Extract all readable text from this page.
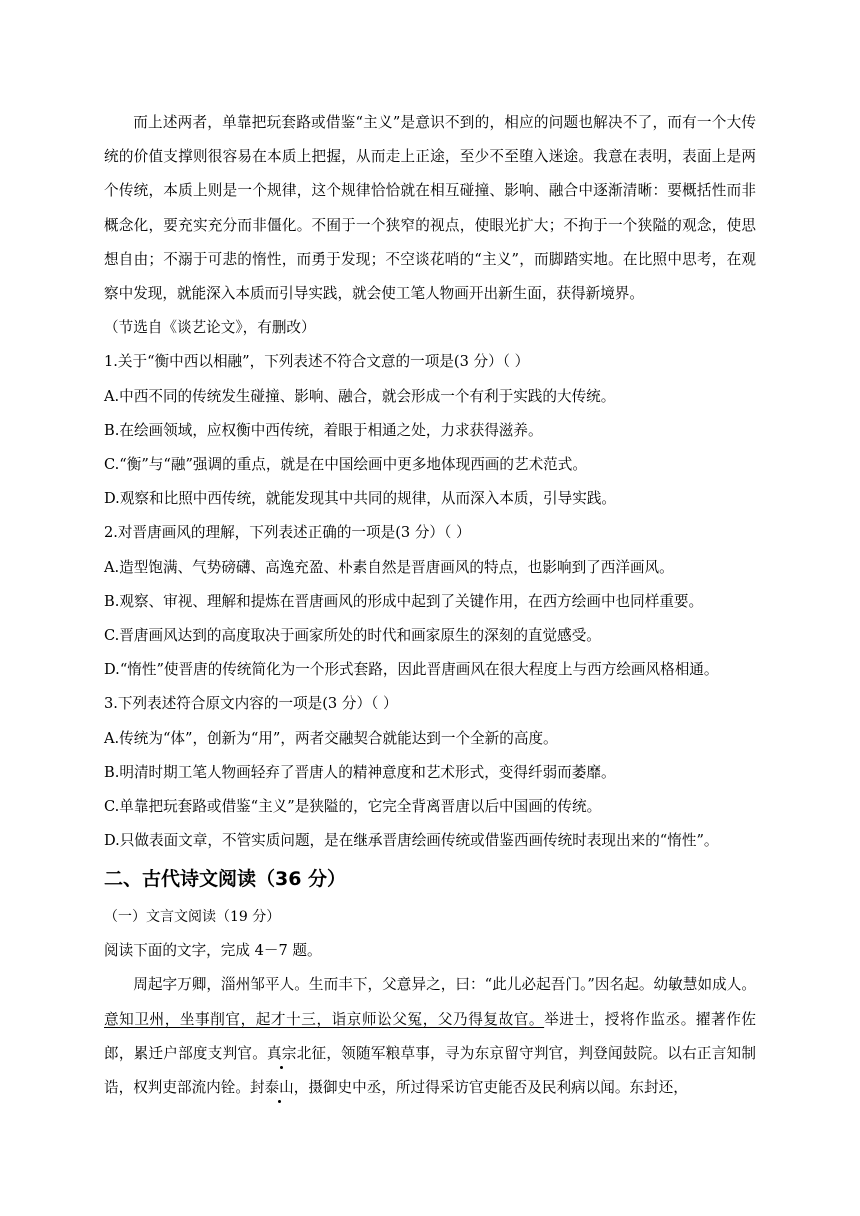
而上述两者，单靠把玩套路或借鉴“主义”是意识不到的，相应的问题也解决不了，而有一个大传统的价值支撑则很容易在本质上把握，从而走上正途，至少不至堕入迷途。我意在表明，表面上是两个传统，本质上则是一个规律，这个规律恰恰就在相互碰撞、影响、融合中逐渐清晰：要概括性而非概念化，要充实充分而非僵化。不囿于一个狭窄的视点，使眼光扩大；不拘于一个狭隘的观念，使思想自由；不溺于可悲的惰性，而勇于发现；不空谈花哨的“主义”，而脚踏实地。在比照中思考，在观察中发现，就能深入本质而引导实践，就会使工笔人物画开出新生面，获得新境界。

（节选自《谈艺论文》，有删改）

1.关于“衡中西以相融”，下列表述不符合文意的一项是(3 分）（ ）

A.中西不同的传统发生碰撞、影响、融合，就会形成一个有利于实践的大传统。

B.在绘画领域，应权衡中西传统，着眼于相通之处，力求获得滋养。

C.“衡”与“融”强调的重点，就是在中国绘画中更多地体现西画的艺术范式。

D.观察和比照中西传统，就能发现其中共同的规律，从而深入本质，引导实践。

2.对晋唐画风的理解，下列表述正确的一项是(3 分）（ ）

A.造型饱满、气势磅礴、高逸充盈、朴素自然是晋唐画风的特点，也影响到了西洋画风。

B.观察、审视、理解和提炼在晋唐画风的形成中起到了关键作用，在西方绘画中也同样重要。

C.晋唐画风达到的高度取决于画家所处的时代和画家原生的深刻的直觉感受。

D.“惰性”使晋唐的传统简化为一个形式套路，因此晋唐画风在很大程度上与西方绘画风格相通。

3.下列表述符合原文内容的一项是(3 分）（ ）

A.传统为“体”，创新为“用”，两者交融契合就能达到一个全新的高度。

B.明清时期工笔人物画轻弃了晋唐人的精神意度和艺术形式，变得纤弱而萎靡。

C.单靠把玩套路或借鉴“主义”是狭隘的，它完全背离晋唐以后中国画的传统。

D.只做表面文章，不管实质问题，是在继承晋唐绘画传统或借鉴西画传统时表现出来的“惰性”。

二、古代诗文阅读（36 分）

（一）文言文阅读（19 分）

阅读下面的文字，完成 4－7 题。

周起字万卿，淄州邹平人。生而丰下，父意异之，曰：“此儿必起吾门。”因名起。幼敏慧如成人。意知卫州，坐事削官，起才十三，诣京师讼父冤，父乃得复故官。举进士，授将作监丞。擢著作佐郎，累迁户部度支判官。真宗北征，领随军粮草事，寻为东京留守判官，判登闻鼓院。以右正言知制诰，权判吏部流内铨。封泰山，摄御史中丞，所过得采访官吏能否及民利病以闻。东封还，
